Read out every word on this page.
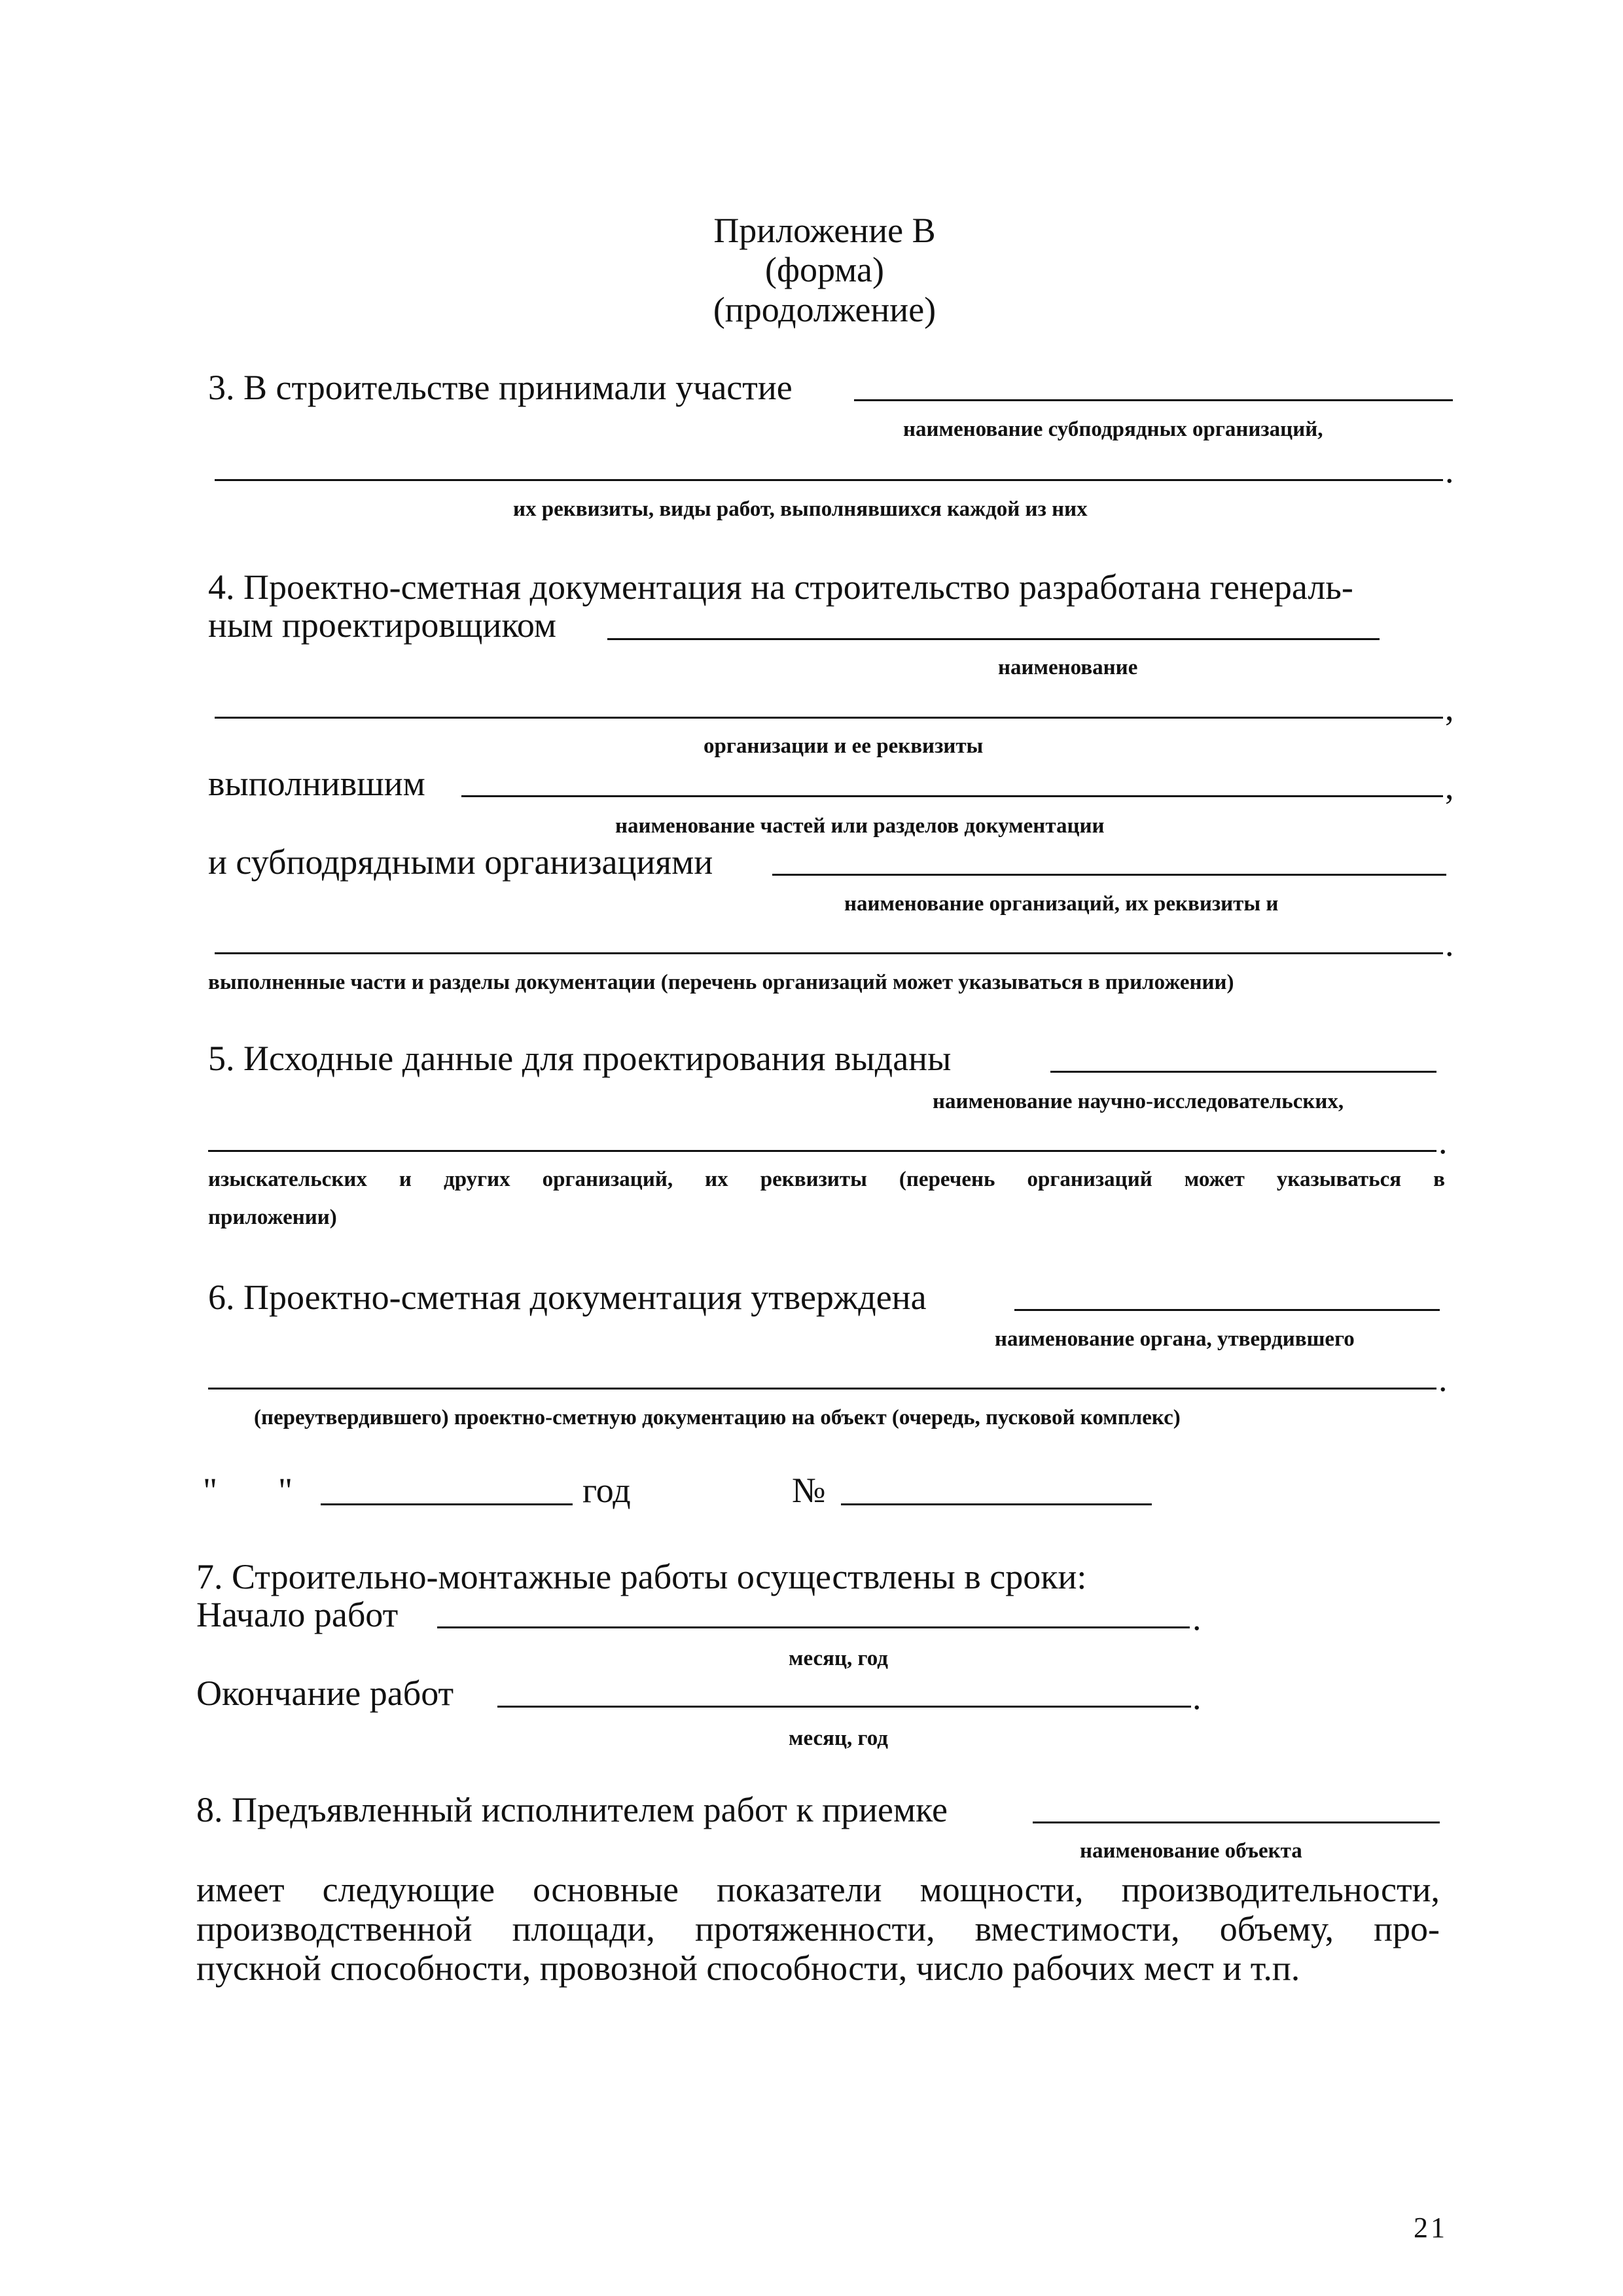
Приложение В
(форма)
(продолжение)
3. В строительстве принимали участие
наименование субподрядных организаций,
.
их реквизиты, виды работ, выполнявшихся каждой из них
4. Проектно-сметная документация на строительство разработана генераль-
ным проектировщиком
наименование
,
организации и ее реквизиты
выполнившим	,
наименование частей или разделов документации
и субподрядными организациями
наименование организаций, их реквизиты и
.
выполненные части и разделы документации (перечень организаций может указываться в приложении)
5. Исходные данные для проектирования выданы
наименование научно-исследовательских,
.
изыскательских и других организаций, их реквизиты (перечень организаций может указываться в
приложении)
6. Проектно-сметная документация утверждена
наименование органа, утвердившего
.
(переутвердившего) проектно-сметную документацию на объект (очередь, пусковой комплекс)
" "	год	№
7. Строительно-монтажные работы осуществлены в сроки:
Начало работ	.
месяц, год
Окончание работ	.
месяц, год
8. Предъявленный исполнителем работ к приемке
наименование объекта
имеет следующие основные показатели мощности, производительности,
производственной площади, протяженности, вместимости, объему, про-
пускной способности, провозной способности, число рабочих мест и т.п.
21
